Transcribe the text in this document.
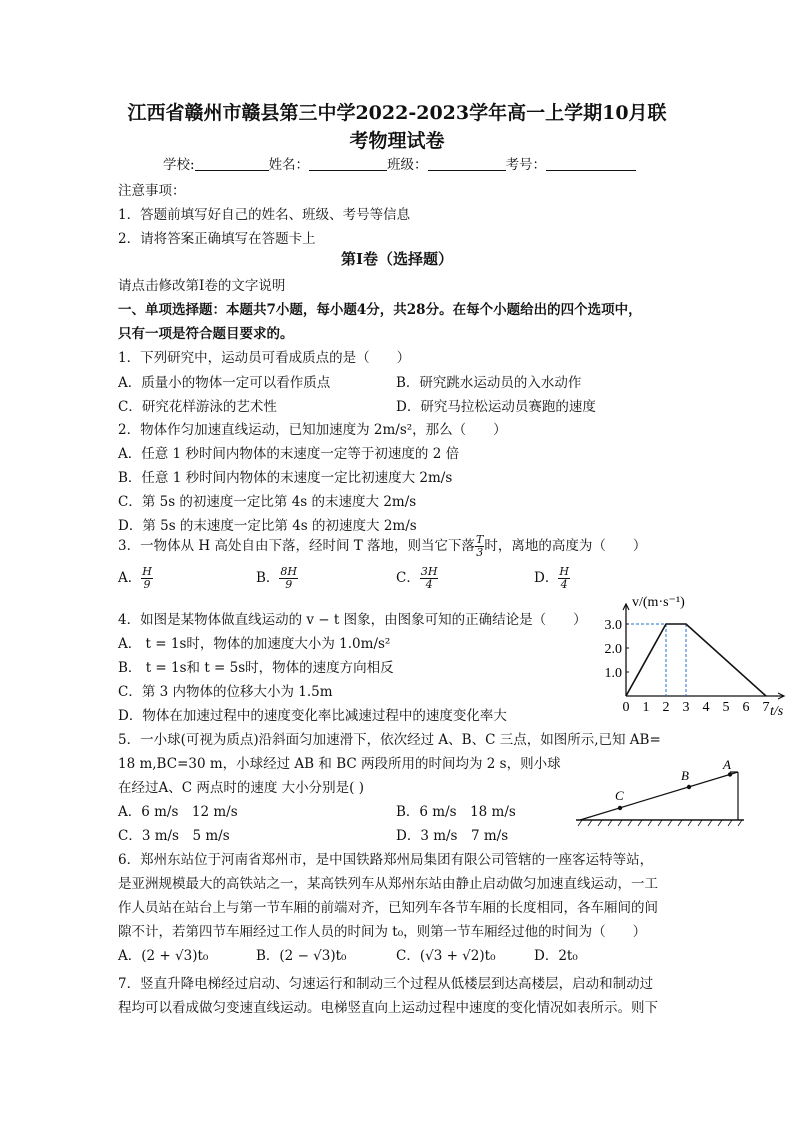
江西省赣州市赣县第三中学2022-2023学年高一上学期10月联
考物理试卷
学校:	姓名：	班级：	考号：
注意事项：
1．答题前填写好自己的姓名、班级、考号等信息
2．请将答案正确填写在答题卡上
第Ⅰ卷（选择题）
请点击修改第Ⅰ卷的文字说明
一、单项选择题：本题共7小题，每小题4分，共28分。在每个小题给出的四个选项中，
只有一项是符合题目要求的。
1．下列研究中，运动员可看成质点的是（　　）
A．质量小的物体一定可以看作质点	B．研究跳水运动员的入水动作
C．研究花样游泳的艺术性	D．研究马拉松运动员赛跑的速度
2．物体作匀加速直线运动，已知加速度为 2m/s²，那么（　　）
A．任意 1 秒时间内物体的末速度一定等于初速度的 2 倍
B．任意 1 秒时间内物体的末速度一定比初速度大 2m/s
C．第 5s 的初速度一定比第 4s 的末速度大 2m/s
D．第 5s 的末速度一定比第 4s 的初速度大 2m/s
3．一物体从 H 高处自由下落，经时间 T 落地，则当它下落 $\frac{T}{3}$ 时，离地的高度为（　　）
A． $\frac{H}{9}$	B． $\frac{8H}{9}$	C． $\frac{3H}{4}$	D． $\frac{H}{4}$
4．如图是某物体做直线运动的 v − t 图象，由图象可知的正确结论是（　　）
A． t = 1s时，物体的加速度大小为 1.0m/s²
B． t = 1s和 t = 5s时，物体的速度方向相反
C．第 3 内物体的位移大小为 1.5m
D．物体在加速过程中的速度变化率比减速过程中的速度变化率大
0 1 2 3 4 5 6 7
1.0
2.0
3.0
v/(m·s⁻¹)
t/s
5．一小球(可视为质点)沿斜面匀加速滑下，依次经过 A、B、C 三点，如图所示,已知 AB=
18 m,BC=30 m，小球经过 AB 和 BC 两段所用的时间均为 2 s，则小球
在经过A、C 两点时的速度 大小分别是( )
A．6 m/s　12 m/s	B．6 m/s　18 m/s
C．3 m/s　5 m/s	D．3 m/s　7 m/s
C
B
A
6．郑州东站位于河南省郑州市，是中国铁路郑州局集团有限公司管辖的一座客运特等站，
是亚洲规模最大的高铁站之一，某高铁列车从郑州东站由静止启动做匀加速直线运动，一工
作人员站在站台上与第一节车厢的前端对齐，已知列车各节车厢的长度相同，各车厢间的间
隙不计，若第四节车厢经过工作人员的时间为 t₀，则第一节车厢经过他的时间为（　　）
A．(2 + √3)t₀	B．(2 − √3)t₀	C．(√3 + √2)t₀	D．2t₀
7．竖直升降电梯经过启动、匀速运行和制动三个过程从低楼层到达高楼层，启动和制动过
程均可以看成做匀变速直线运动。电梯竖直向上运动过程中速度的变化情况如表所示。则下
